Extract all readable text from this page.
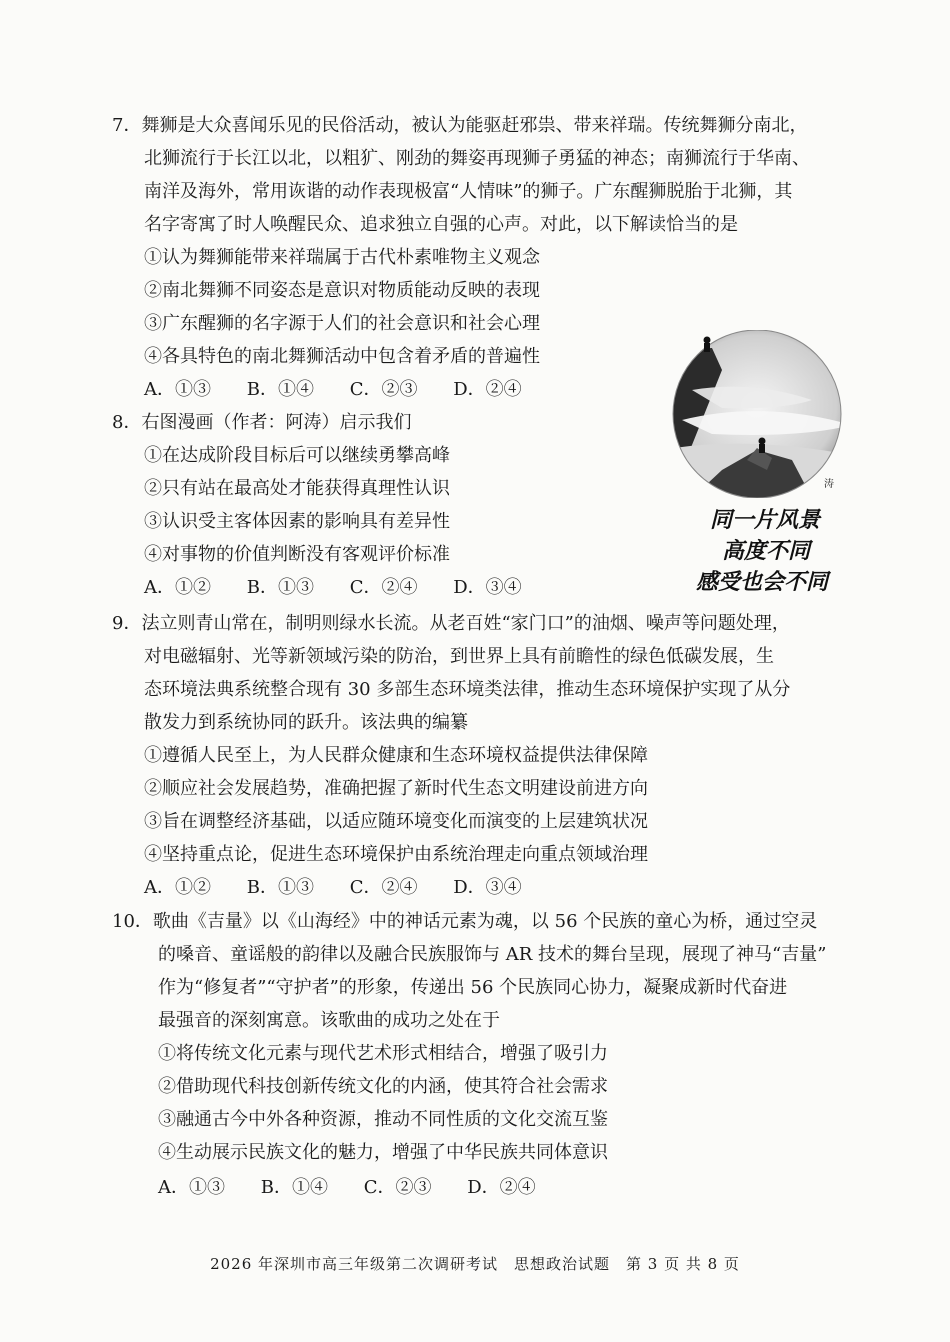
7．舞狮是大众喜闻乐见的民俗活动，被认为能驱赶邪祟、带来祥瑞。传统舞狮分南北，
北狮流行于长江以北，以粗犷、刚劲的舞姿再现狮子勇猛的神态；南狮流行于华南、
南洋及海外，常用诙谐的动作表现极富“人情味”的狮子。广东醒狮脱胎于北狮，其
名字寄寓了时人唤醒民众、追求独立自强的心声。对此，以下解读恰当的是
①认为舞狮能带来祥瑞属于古代朴素唯物主义观念
②南北舞狮不同姿态是意识对物质能动反映的表现
③广东醒狮的名字源于人们的社会意识和社会心理
④各具特色的南北舞狮活动中包含着矛盾的普遍性
A．①③ B．①④ C．②③ D．②④
涛
同一片风景
高度不同
感受也会不同
8．右图漫画（作者：阿涛）启示我们
①在达成阶段目标后可以继续勇攀高峰
②只有站在最高处才能获得真理性认识
③认识受主客体因素的影响具有差异性
④对事物的价值判断没有客观评价标准
A．①② B．①③ C．②④ D．③④
9．法立则青山常在，制明则绿水长流。从老百姓“家门口”的油烟、噪声等问题处理，
对电磁辐射、光等新领域污染的防治，到世界上具有前瞻性的绿色低碳发展，生
态环境法典系统整合现有 30 多部生态环境类法律，推动生态环境保护实现了从分
散发力到系统协同的跃升。该法典的编纂
①遵循人民至上，为人民群众健康和生态环境权益提供法律保障
②顺应社会发展趋势，准确把握了新时代生态文明建设前进方向
③旨在调整经济基础，以适应随环境变化而演变的上层建筑状况
④坚持重点论，促进生态环境保护由系统治理走向重点领域治理
A．①② B．①③ C．②④ D．③④
10．歌曲《吉量》以《山海经》中的神话元素为魂，以 56 个民族的童心为桥，通过空灵
的嗓音、童谣般的韵律以及融合民族服饰与 AR 技术的舞台呈现，展现了神马“吉量”
作为“修复者”“守护者”的形象，传递出 56 个民族同心协力，凝聚成新时代奋进
最强音的深刻寓意。该歌曲的成功之处在于
①将传统文化元素与现代艺术形式相结合，增强了吸引力
②借助现代科技创新传统文化的内涵，使其符合社会需求
③融通古今中外各种资源，推动不同性质的文化交流互鉴
④生动展示民族文化的魅力，增强了中华民族共同体意识
A．①③ B．①④ C．②③ D．②④
2026 年深圳市高三年级第二次调研考试　思想政治试题　第 3 页 共 8 页
